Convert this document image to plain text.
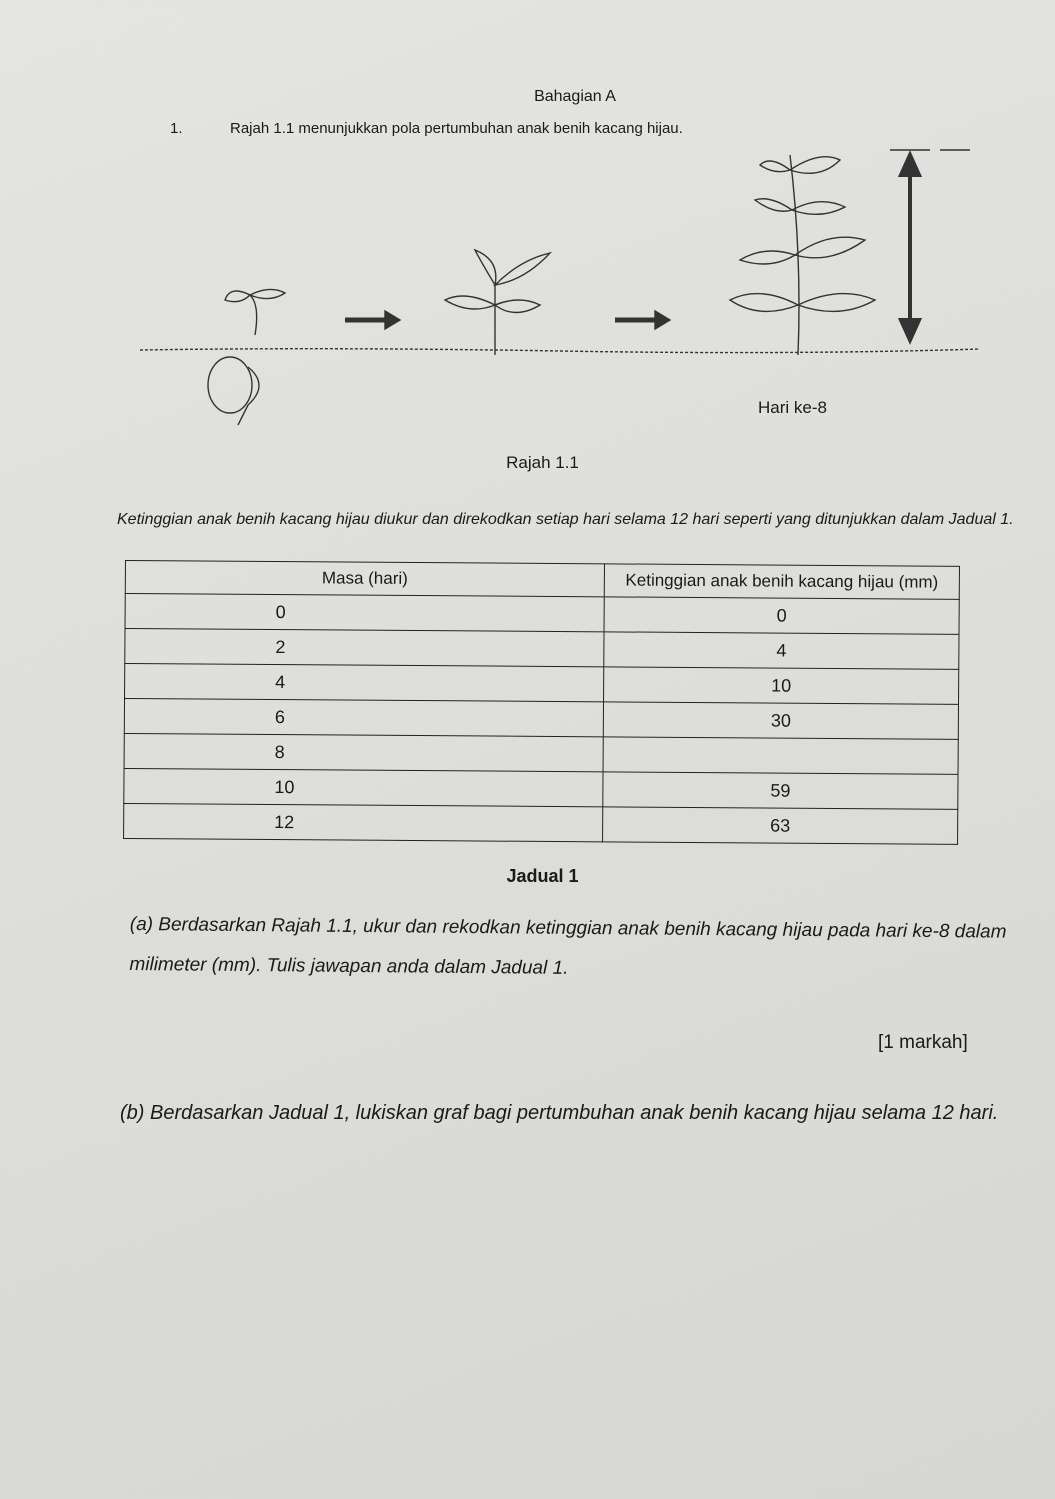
Bahagian A
1.	Rajah 1.1 menunjukkan pola pertumbuhan anak benih kacang hijau.
Hari ke-8
Rajah 1.1
Ketinggian anak benih kacang hijau diukur dan direkodkan setiap hari selama 12 hari seperti yang ditunjukkan dalam Jadual 1.
Masa (hari)	Ketinggian anak benih kacang hijau (mm)
0	0
2	4
4	10
6	30
8	
10	59
12	63
Jadual 1
(a) Berdasarkan Rajah 1.1, ukur dan rekodkan ketinggian anak benih kacang hijau pada hari ke-8 dalam milimeter (mm). Tulis jawapan anda dalam Jadual 1.
[1 markah]
(b) Berdasarkan Jadual 1, lukiskan graf bagi pertumbuhan anak benih kacang hijau selama 12 hari.
